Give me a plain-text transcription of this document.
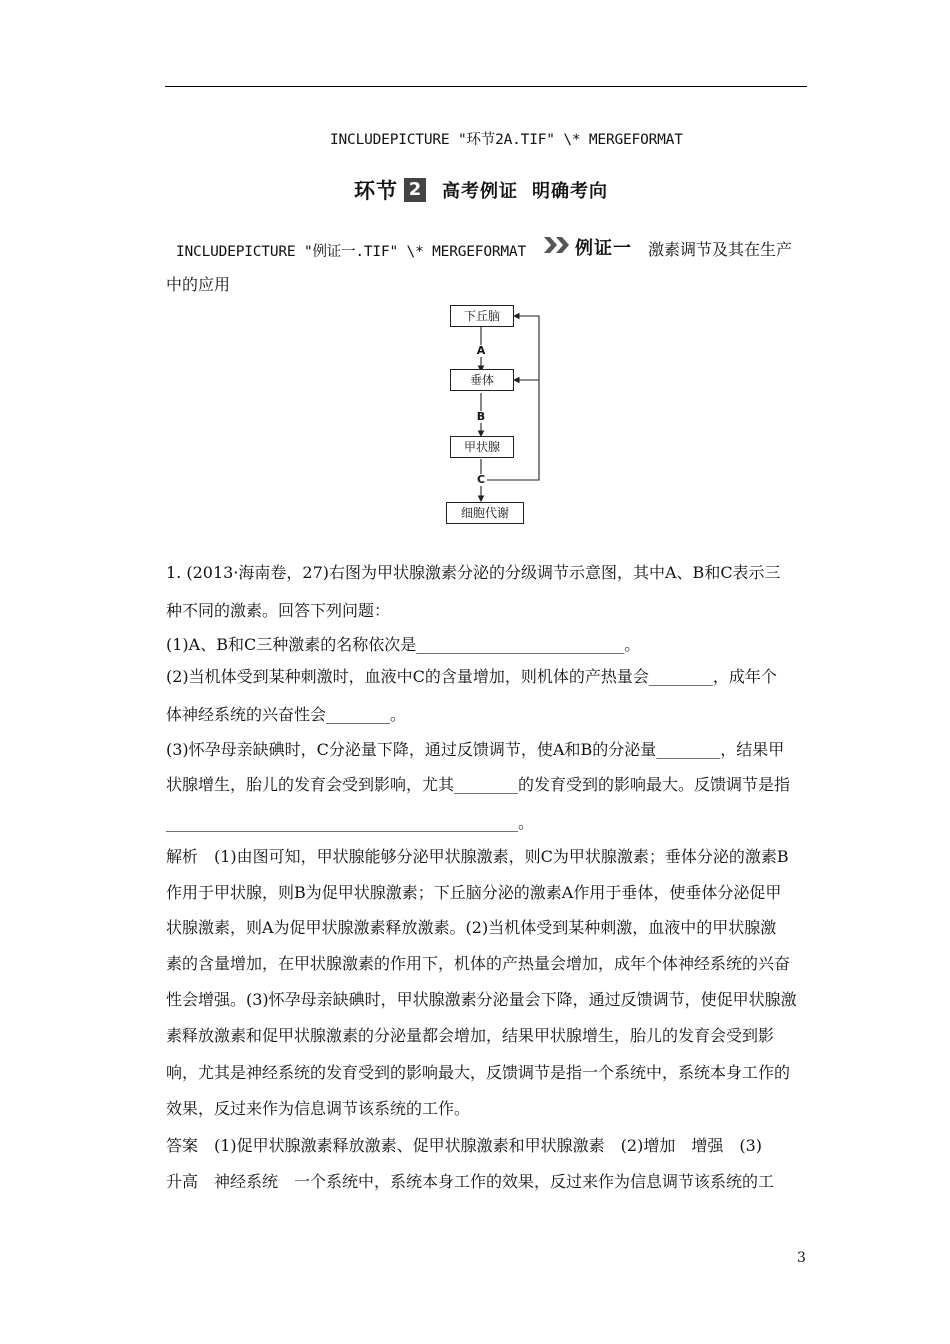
INCLUDEPICTURE "环节2A.TIF" \* MERGEFORMAT
环节 2 高考例证 明确考向
INCLUDEPICTURE "例证一.TIF" \* MERGEFORMAT	例证一 激素调节及其在生产
中的应用
下丘脑
A
垂体
B
甲状腺
C
细胞代谢
1. (2013·海南卷，27)右图为甲状腺激素分泌的分级调节示意图，其中A、B和C表示三
种不同的激素。回答下列问题：
(1)A、B和C三种激素的名称依次是__________________________。
(2)当机体受到某种刺激时，血液中C的含量增加，则机体的产热量会________，成年个
体神经系统的兴奋性会________。
(3)怀孕母亲缺碘时，C分泌量下降，通过反馈调节，使A和B的分泌量________，结果甲
状腺增生，胎儿的发育会受到影响，尤其________的发育受到的影响最大。反馈调节是指
____________________________________________。
解析　(1)由图可知，甲状腺能够分泌甲状腺激素，则C为甲状腺激素；垂体分泌的激素B
作用于甲状腺，则B为促甲状腺激素；下丘脑分泌的激素A作用于垂体，使垂体分泌促甲
状腺激素，则A为促甲状腺激素释放激素。(2)当机体受到某种刺激，血液中的甲状腺激
素的含量增加，在甲状腺激素的作用下，机体的产热量会增加，成年个体神经系统的兴奋
性会增强。(3)怀孕母亲缺碘时，甲状腺激素分泌量会下降，通过反馈调节，使促甲状腺激
素释放激素和促甲状腺激素的分泌量都会增加，结果甲状腺增生，胎儿的发育会受到影
响，尤其是神经系统的发育受到的影响最大，反馈调节是指一个系统中，系统本身工作的
效果，反过来作为信息调节该系统的工作。
答案　(1)促甲状腺激素释放激素、促甲状腺激素和甲状腺激素　(2)增加　增强　(3)
升高　神经系统　一个系统中，系统本身工作的效果，反过来作为信息调节该系统的工
3
